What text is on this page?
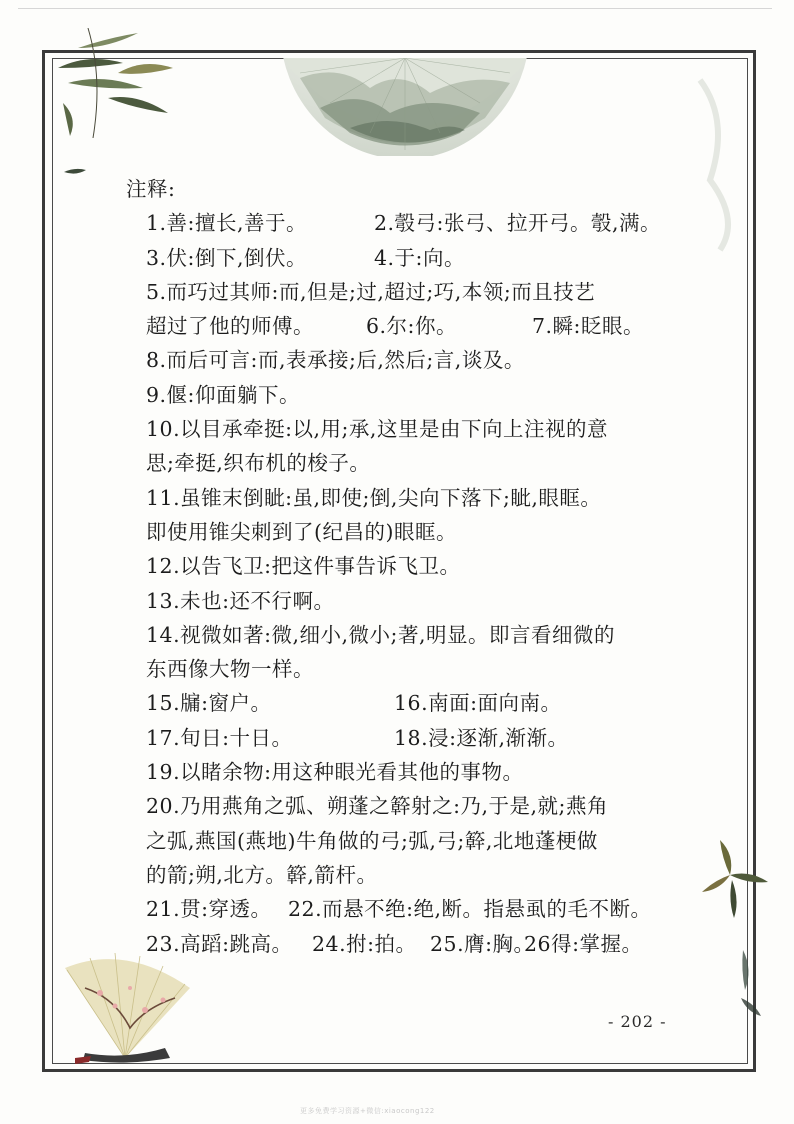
注释:
1.善:擅长,善于。	2.彀弓:张弓、拉开弓。彀,满。
3.伏:倒下,倒伏。	4.于:向。
5.而巧过其师:而,但是;过,超过;巧,本领;而且技艺
超过了他的师傅。	6.尔:你。	7.瞬:眨眼。
8.而后可言:而,表承接;后,然后;言,谈及。
9.偃:仰面躺下。
10.以目承牵挺:以,用;承,这里是由下向上注视的意
思;牵挺,织布机的梭子。
11.虽锥末倒眦:虽,即使;倒,尖向下落下;眦,眼眶。
即使用锥尖刺到了(纪昌的)眼眶。
12.以告飞卫:把这件事告诉飞卫。
13.未也:还不行啊。
14.视微如著:微,细小,微小;著,明显。即言看细微的
东西像大物一样。
15.牖:窗户。	16.南面:面向南。
17.旬日:十日。	18.浸:逐渐,渐渐。
19.以睹余物:用这种眼光看其他的事物。
20.乃用燕角之弧、朔蓬之簳射之:乃,于是,就;燕角
之弧,燕国(燕地)牛角做的弓;弧,弓;簳,北地蓬梗做
的箭;朔,北方。簳,箭杆。
21.贯:穿透。 22.而悬不绝:绝,断。指悬虱的毛不断。
23.高蹈:跳高。 24.拊:拍。 25.膺:胸。26得:掌握。
- 202 -
更多免费学习资源+微信:xiaocong122
